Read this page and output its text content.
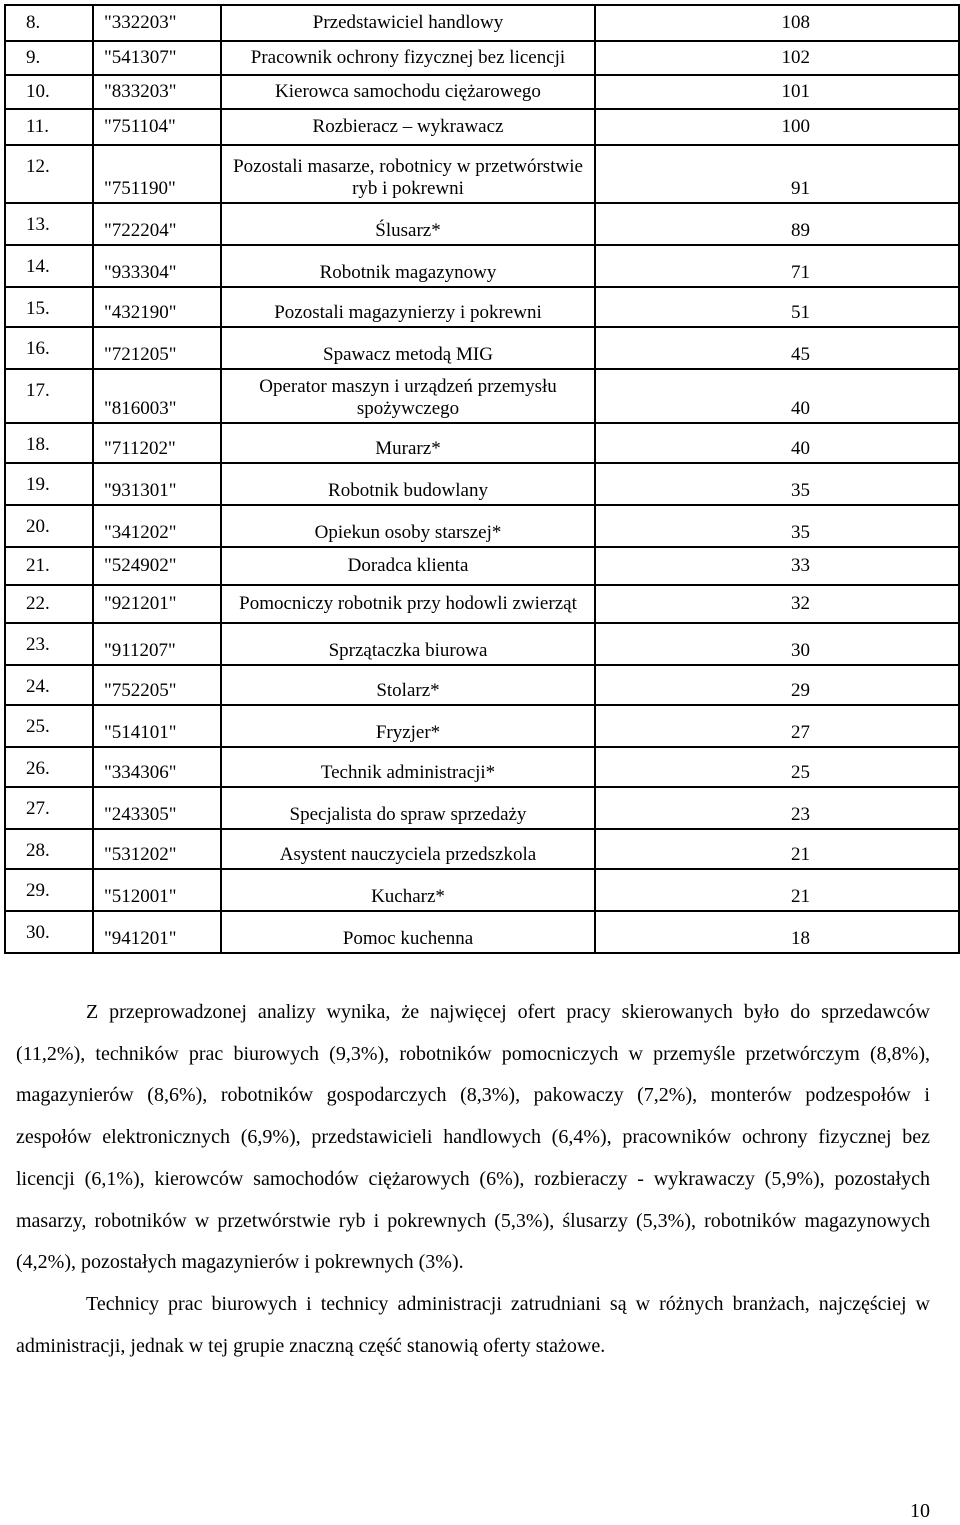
8.	"332203"	Przedstawiciel handlowy	108
9.	"541307"	Pracownik ochrony fizycznej bez licencji	102
10.	"833203"	Kierowca samochodu ciężarowego	101
11.	"751104"	Rozbieracz – wykrawacz	100
12.	"751190"	Pozostali masarze, robotnicy w przetwórstwie ryb i pokrewni	91
13.	"722204"	Ślusarz*	89
14.	"933304"	Robotnik magazynowy	71
15.	"432190"	Pozostali magazynierzy i pokrewni	51
16.	"721205"	Spawacz metodą MIG	45
17.	"816003"	Operator maszyn i urządzeń przemysłu spożywczego	40
18.	"711202"	Murarz*	40
19.	"931301"	Robotnik budowlany	35
20.	"341202"	Opiekun osoby starszej*	35
21.	"524902"	Doradca klienta	33
22.	"921201"	Pomocniczy robotnik przy hodowli zwierząt	32
23.	"911207"	Sprzątaczka biurowa	30
24.	"752205"	Stolarz*	29
25.	"514101"	Fryzjer*	27
26.	"334306"	Technik administracji*	25
27.	"243305"	Specjalista do spraw sprzedaży	23
28.	"531202"	Asystent nauczyciela przedszkola	21
29.	"512001"	Kucharz*	21
30.	"941201"	Pomoc kuchenna	18

Z przeprowadzonej analizy wynika, że najwięcej ofert pracy skierowanych było do sprzedawców (11,2%), techników prac biurowych (9,3%), robotników pomocniczych w przemyśle przetwórczym (8,8%), magazynierów (8,6%), robotników gospodarczych (8,3%), pakowaczy (7,2%), monterów podzespołów i zespołów elektronicznych (6,9%), przedstawicieli handlowych (6,4%), pracowników ochrony fizycznej bez licencji (6,1%), kierowców samochodów ciężarowych (6%), rozbieraczy - wykrawaczy (5,9%), pozostałych masarzy, robotników w przetwórstwie ryb i pokrewnych (5,3%), ślusarzy (5,3%), robotników magazynowych (4,2%), pozostałych magazynierów i pokrewnych (3%).

Technicy prac biurowych i technicy administracji zatrudniani są w różnych branżach, najczęściej w administracji, jednak w tej grupie znaczną część stanowią oferty stażowe.

10
